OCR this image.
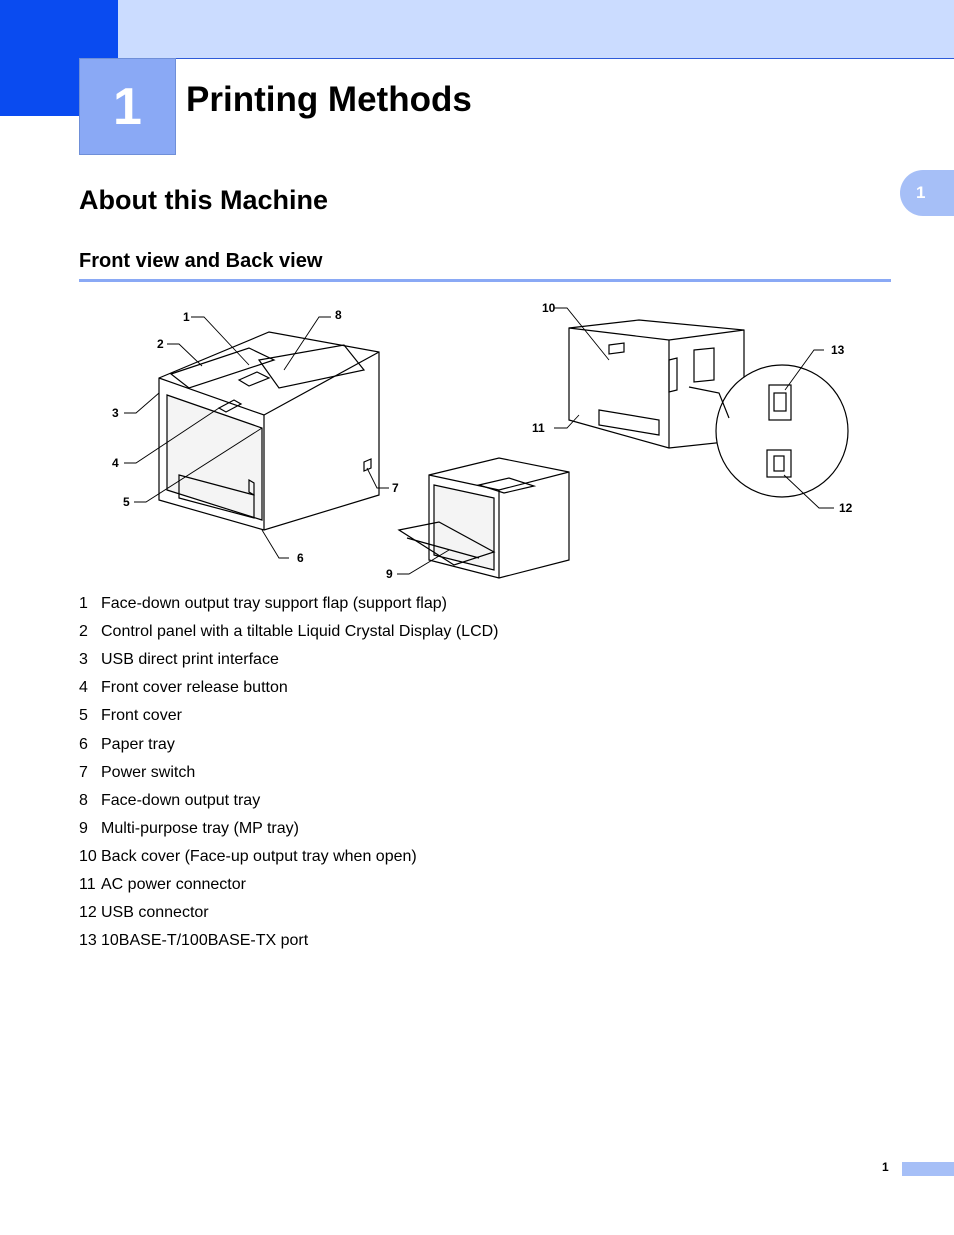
1	Printing Methods
1
About this Machine
Front view and Back view
1
2
3
4
5
6
7
8
9
10
11
12
13
1 Face-down output tray support flap (support flap)
2 Control panel with a tiltable Liquid Crystal Display (LCD)
3 USB direct print interface
4 Front cover release button
5 Front cover
6 Paper tray
7 Power switch
8 Face-down output tray
9 Multi-purpose tray (MP tray)
10 Back cover (Face-up output tray when open)
11 AC power connector
12 USB connector
13 10BASE-T/100BASE-TX port
1
